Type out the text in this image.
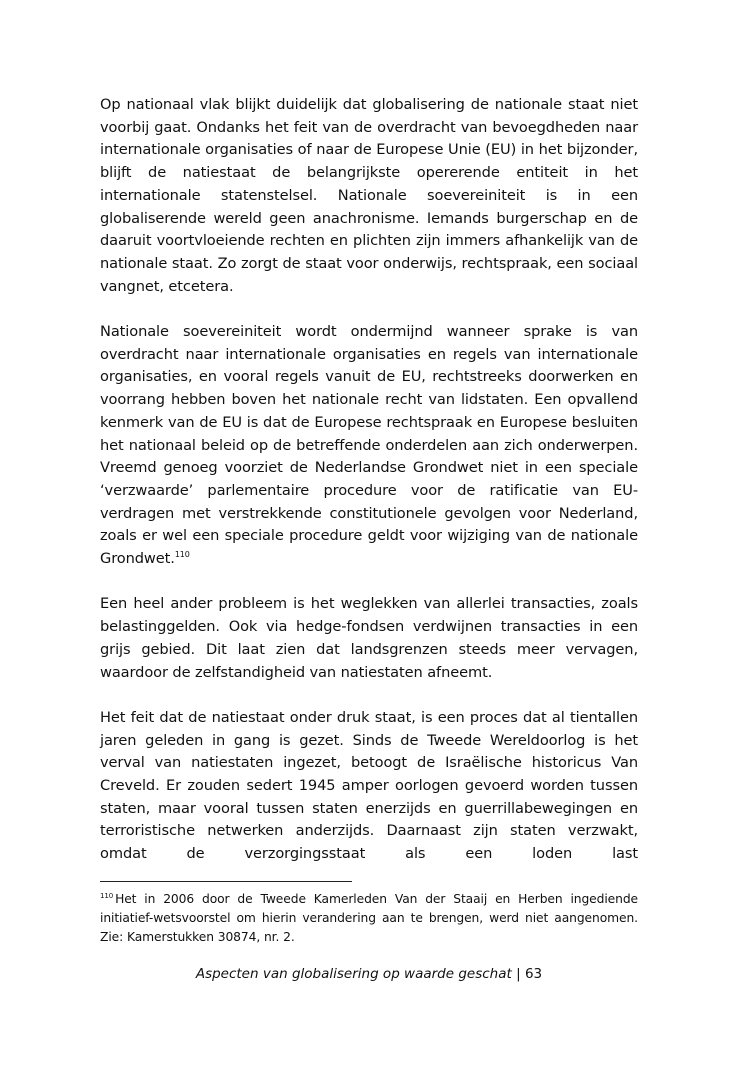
Op nationaal vlak blijkt duidelijk dat globalisering de nationale staat niet voorbij gaat. Ondanks het feit van de overdracht van bevoegdheden naar internationale organisaties of naar de Europese Unie (EU) in het bijzonder, blijft de natiestaat de belangrijkste opererende entiteit in het internationale statenstelsel. Nationale soevereiniteit is in een globaliserende wereld geen anachronisme. Iemands burgerschap en de daaruit voortvloeiende rechten en plichten zijn immers afhankelijk van de nationale staat. Zo zorgt de staat voor onderwijs, rechtspraak, een sociaal vangnet, etcetera.

Nationale soevereiniteit wordt ondermijnd wanneer sprake is van overdracht naar internationale organisaties en regels van internationale organisaties, en vooral regels vanuit de EU, rechtstreeks doorwerken en voorrang hebben boven het nationale recht van lidstaten. Een opvallend kenmerk van de EU is dat de Europese rechtspraak en Europese besluiten het nationaal beleid op de betreffende onderdelen aan zich onderwerpen. Vreemd genoeg voorziet de Nederlandse Grondwet niet in een speciale ‘verzwaarde’ parlementaire procedure voor de ratificatie van EU-verdragen met verstrekkende constitutionele gevolgen voor Nederland, zoals er wel een speciale procedure geldt voor wijziging van de nationale Grondwet.$^{110}$

Een heel ander probleem is het weglekken van allerlei transacties, zoals belastinggelden. Ook via hedge-fondsen verdwijnen transacties in een grijs gebied. Dit laat zien dat landsgrenzen steeds meer vervagen, waardoor de zelfstandigheid van natiestaten afneemt.

Het feit dat de natiestaat onder druk staat, is een proces dat al tientallen jaren geleden in gang is gezet. Sinds de Tweede Wereldoorlog is het verval van natiestaten ingezet, betoogt de Israëlische historicus Van Creveld. Er zouden sedert 1945 amper oorlogen gevoerd worden tussen staten, maar vooral tussen staten enerzijds en guerrillabewegingen en terroristische netwerken anderzijds. Daarnaast zijn staten verzwakt, omdat de verzorgingsstaat als een loden last

$^{110}$ Het in 2006 door de Tweede Kamerleden Van der Staaij en Herben ingediende initiatief-wetsvoorstel om hierin verandering aan te brengen, werd niet aangenomen. Zie: Kamerstukken 30874, nr. 2.
Aspecten van globalisering op waarde geschat | 63
